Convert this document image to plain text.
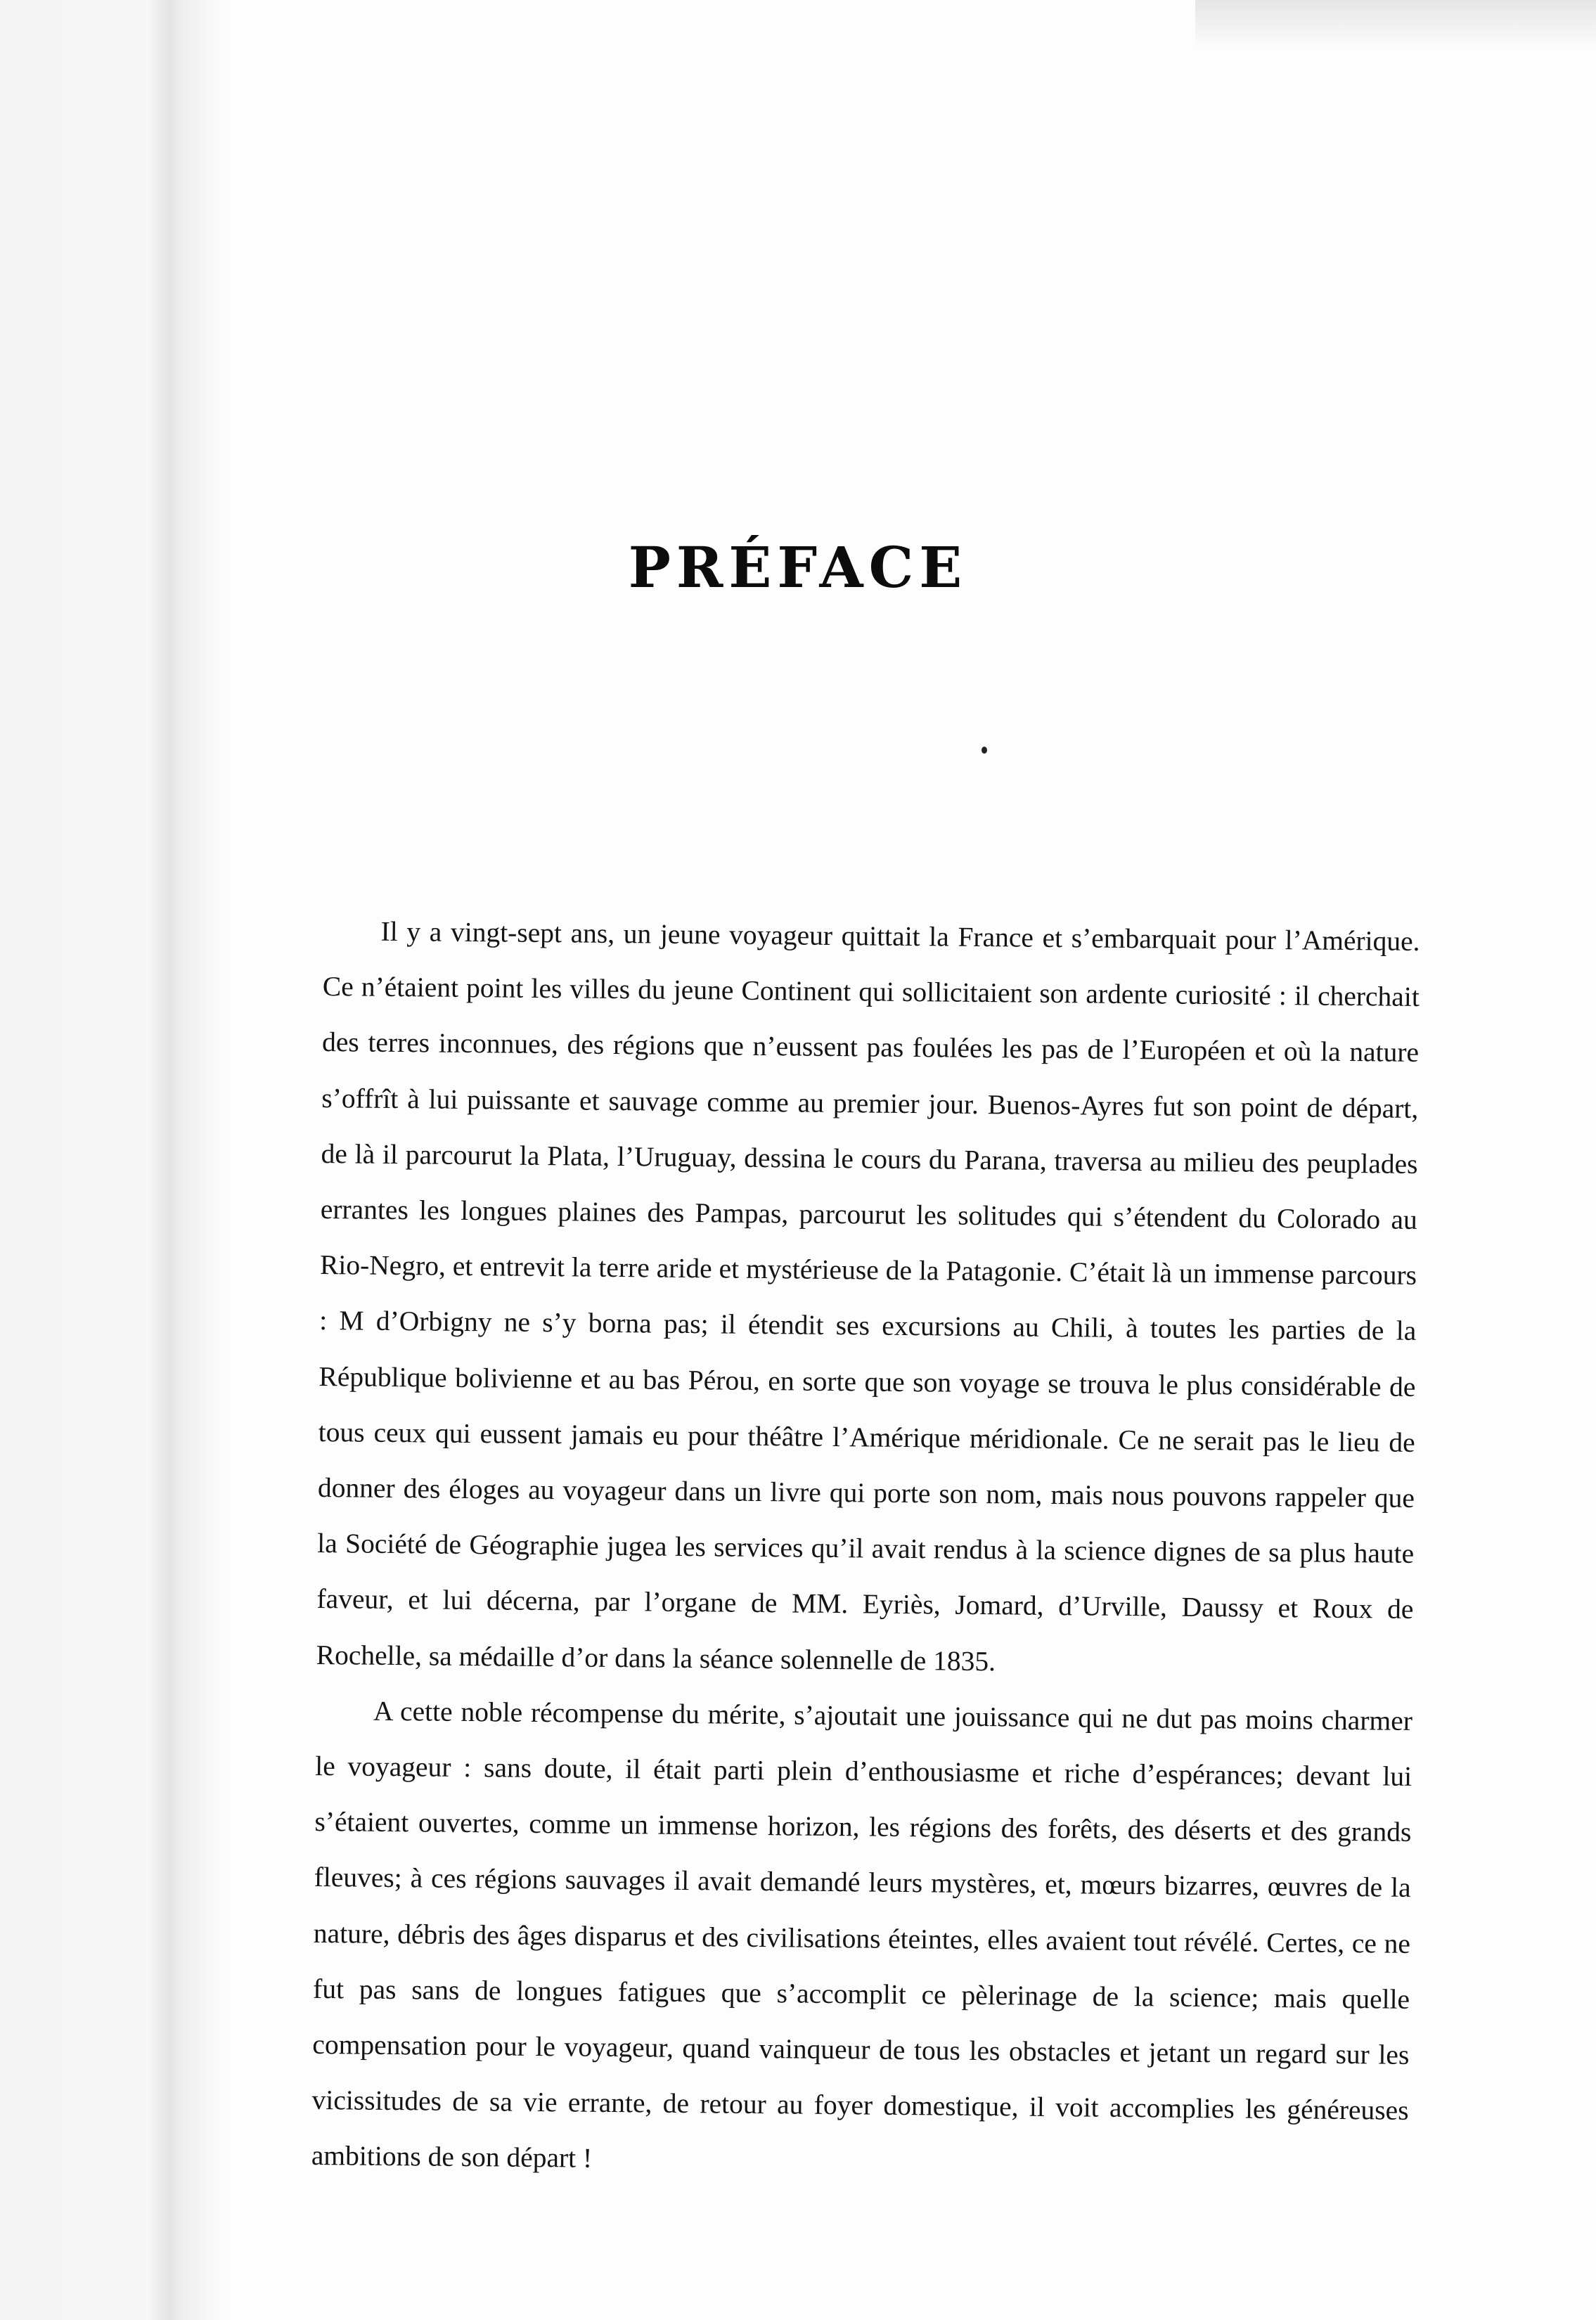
PRÉFACE

Il y a vingt-sept ans, un jeune voyageur quittait la France et s’embarquait pour l’Amérique. Ce n’étaient point les villes du jeune Continent qui sollicitaient son ardente curiosité : il cherchait des terres inconnues, des régions que n’eussent pas foulées les pas de l’Européen et où la nature s’offrît à lui puissante et sauvage comme au premier jour. Buenos-Ayres fut son point de départ, de là il parcourut la Plata, l’Uruguay, dessina le cours du Parana, traversa au milieu des peuplades errantes les longues plaines des Pampas, parcourut les solitudes qui s’étendent du Colorado au Rio-Negro, et entrevit la terre aride et mystérieuse de la Patagonie. C’était là un immense parcours : M d’Orbigny ne s’y borna pas; il étendit ses excursions au Chili, à toutes les parties de la République bolivienne et au bas Pérou, en sorte que son voyage se trouva le plus considérable de tous ceux qui eussent jamais eu pour théâtre l’Amérique méridionale. Ce ne serait pas le lieu de donner des éloges au voyageur dans un livre qui porte son nom, mais nous pouvons rappeler que la Société de Géographie jugea les services qu’il avait rendus à la science dignes de sa plus haute faveur, et lui décerna, par l’organe de MM. Eyriès, Jomard, d’Urville, Daussy et Roux de Rochelle, sa médaille d’or dans la séance solennelle de 1835.

A cette noble récompense du mérite, s’ajoutait une jouissance qui ne dut pas moins charmer le voyageur : sans doute, il était parti plein d’enthousiasme et riche d’espérances; devant lui s’étaient ouvertes, comme un immense horizon, les régions des forêts, des déserts et des grands fleuves; à ces régions sauvages il avait demandé leurs mystères, et, mœurs bizarres, œuvres de la nature, débris des âges disparus et des civilisations éteintes, elles avaient tout révélé. Certes, ce ne fut pas sans de longues fatigues que s’accomplit ce pèlerinage de la science; mais quelle compensation pour le voyageur, quand vainqueur de tous les obstacles et jetant un regard sur les vicissitudes de sa vie errante, de retour au foyer domestique, il voit accomplies les généreuses ambitions de son départ !
